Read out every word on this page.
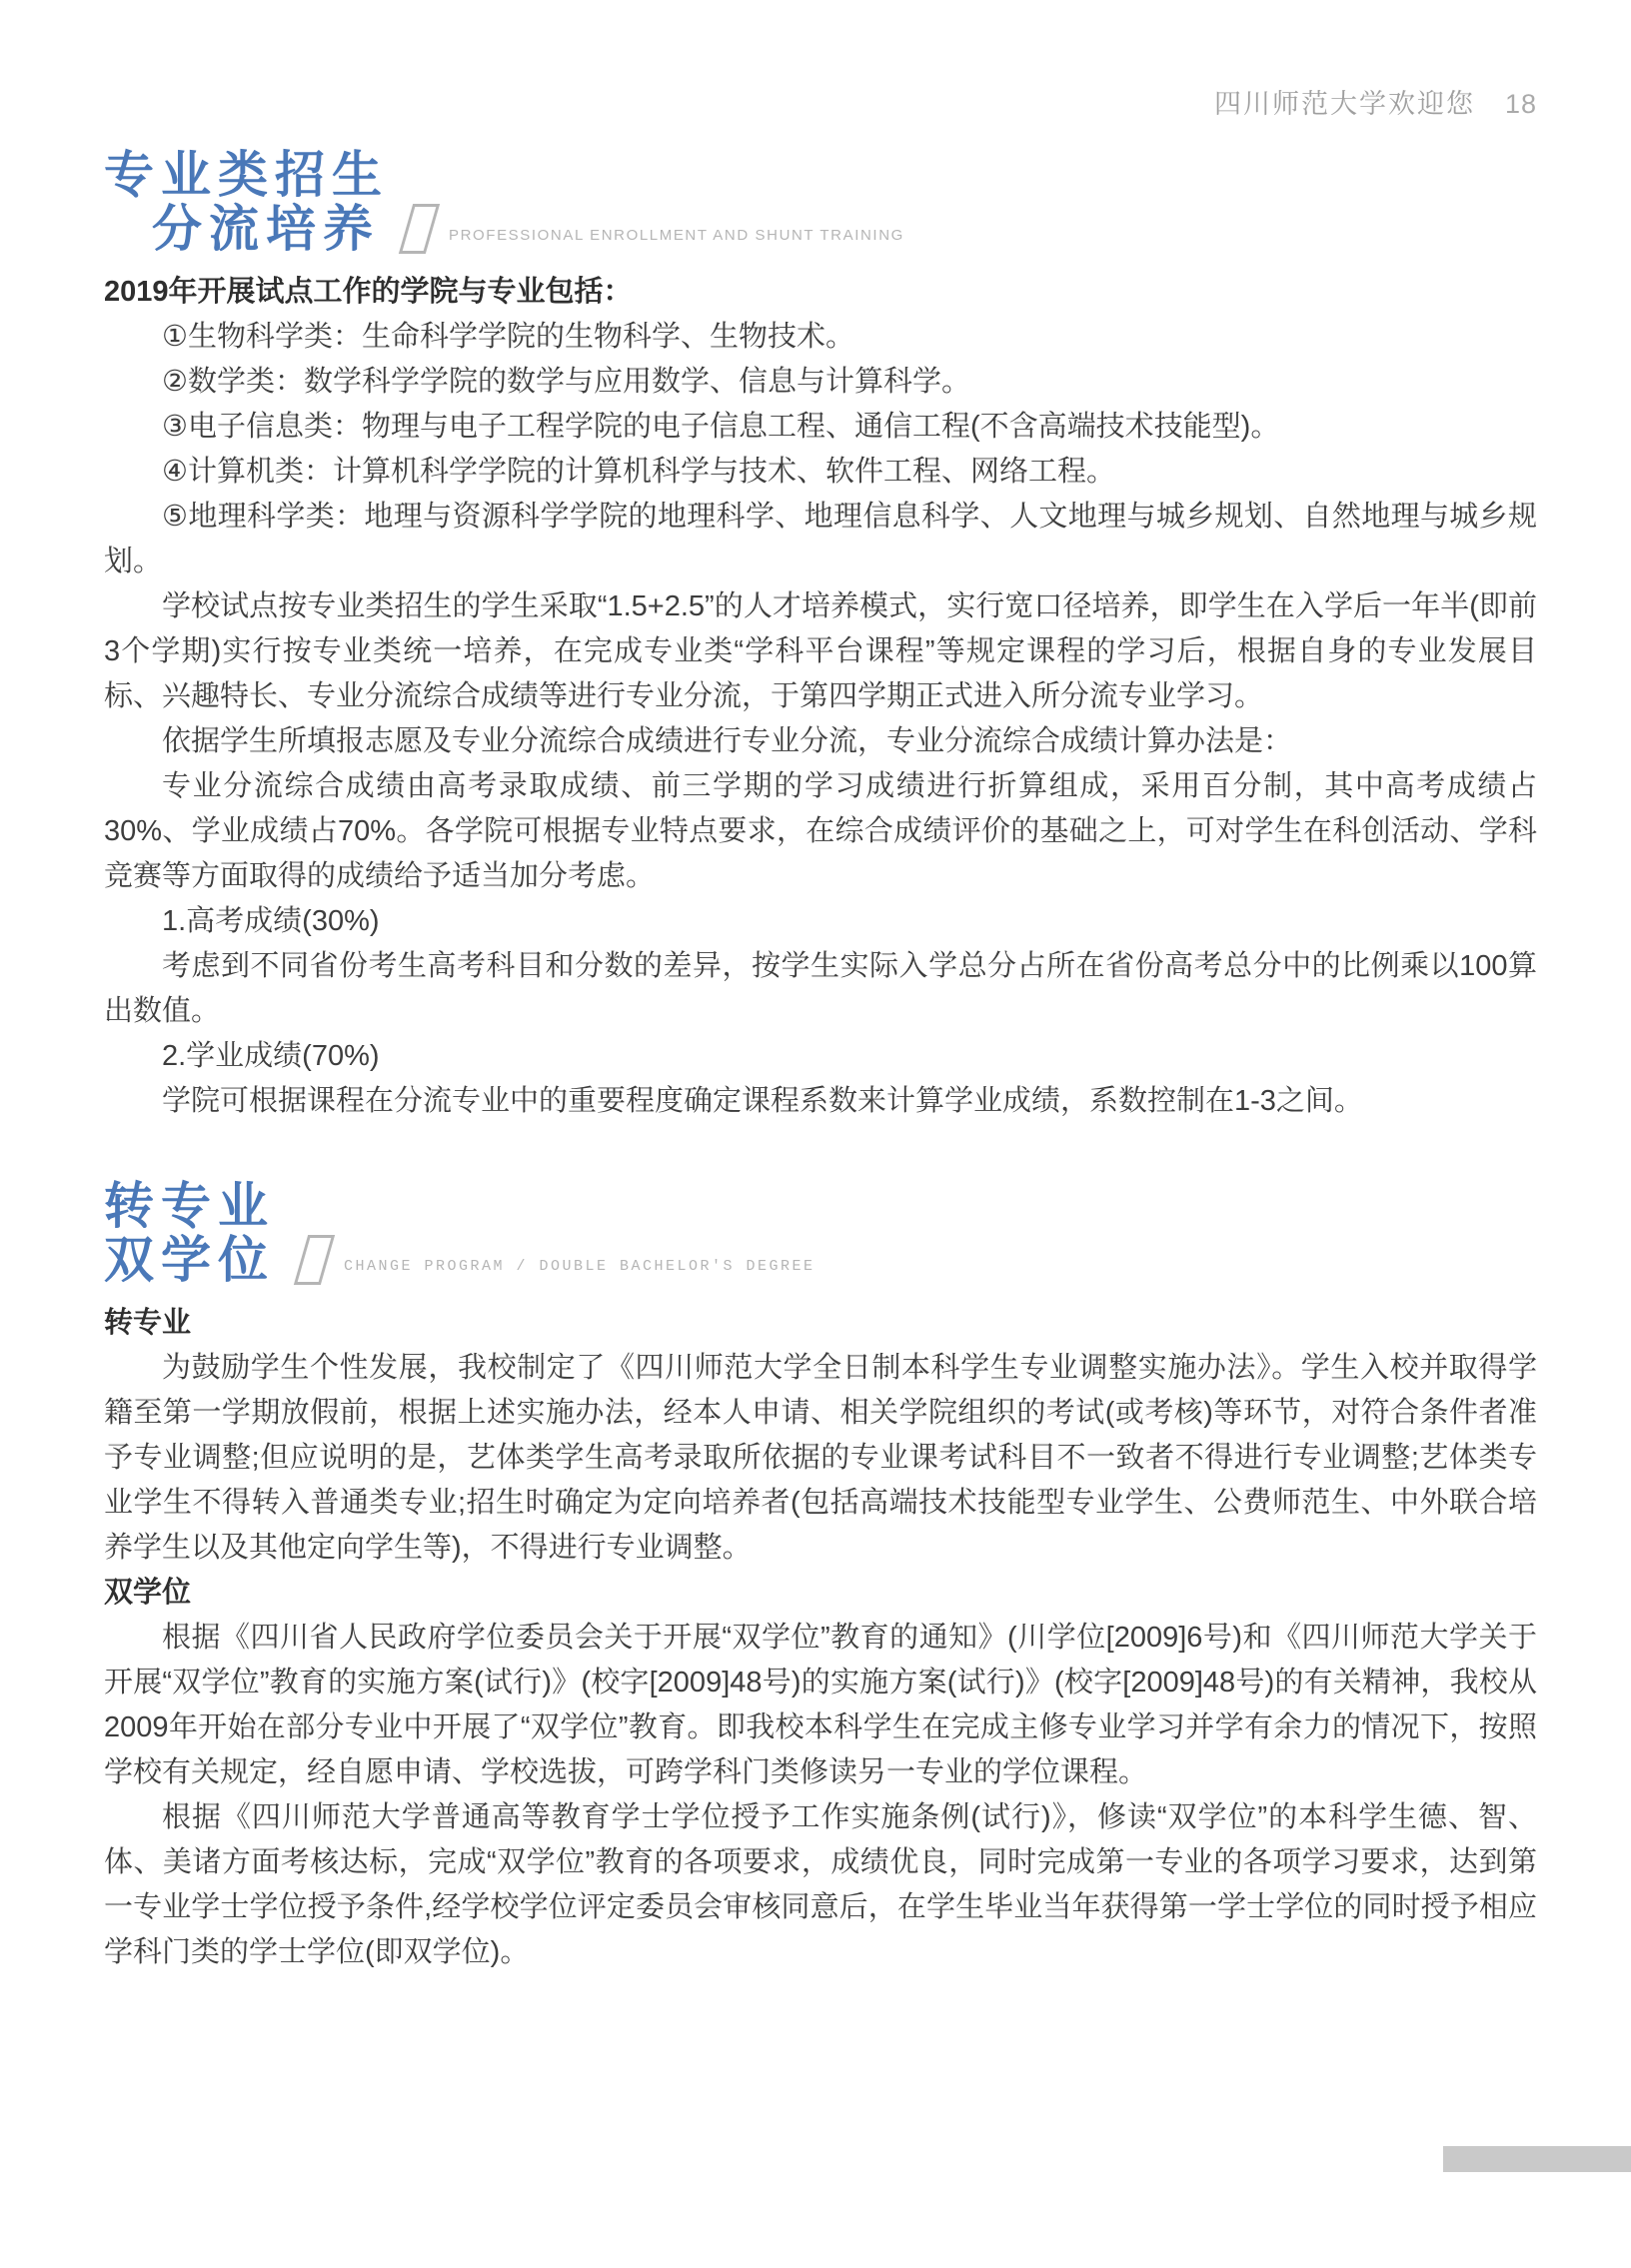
四川师范大学欢迎您 18
专业类招生
分流培养	PROFESSIONAL ENROLLMENT AND SHUNT TRAINING

2019年开展试点工作的学院与专业包括：

①生物科学类：生命科学学院的生物科学、生物技术。

②数学类：数学科学学院的数学与应用数学、信息与计算科学。

③电子信息类：物理与电子工程学院的电子信息工程、通信工程(不含高端技术技能型)。

④计算机类：计算机科学学院的计算机科学与技术、软件工程、网络工程。

⑤地理科学类：地理与资源科学学院的地理科学、地理信息科学、人文地理与城乡规划、自然地理与城乡规划。

学校试点按专业类招生的学生采取“1.5+2.5”的人才培养模式，实行宽口径培养，即学生在入学后一年半(即前3个学期)实行按专业类统一培养，在完成专业类“学科平台课程”等规定课程的学习后，根据自身的专业发展目标、兴趣特长、专业分流综合成绩等进行专业分流，于第四学期正式进入所分流专业学习。

依据学生所填报志愿及专业分流综合成绩进行专业分流，专业分流综合成绩计算办法是：

专业分流综合成绩由高考录取成绩、前三学期的学习成绩进行折算组成，采用百分制，其中高考成绩占30%、学业成绩占70%。各学院可根据专业特点要求，在综合成绩评价的基础之上，可对学生在科创活动、学科竞赛等方面取得的成绩给予适当加分考虑。

1.高考成绩(30%)

考虑到不同省份考生高考科目和分数的差异，按学生实际入学总分占所在省份高考总分中的比例乘以100算出数值。

2.学业成绩(70%)

学院可根据课程在分流专业中的重要程度确定课程系数来计算学业成绩，系数控制在1-3之间。

转专业
双学位	CHANGE PROGRAM / DOUBLE BACHELOR'S DEGREE

转专业

为鼓励学生个性发展，我校制定了《四川师范大学全日制本科学生专业调整实施办法》。学生入校并取得学籍至第一学期放假前，根据上述实施办法，经本人申请、相关学院组织的考试(或考核)等环节，对符合条件者准予专业调整;但应说明的是，艺体类学生高考录取所依据的专业课考试科目不一致者不得进行专业调整;艺体类专业学生不得转入普通类专业;招生时确定为定向培养者(包括高端技术技能型专业学生、公费师范生、中外联合培养学生以及其他定向学生等)，不得进行专业调整。

双学位

根据《四川省人民政府学位委员会关于开展“双学位”教育的通知》(川学位[2009]6号)和《四川师范大学关于开展“双学位”教育的实施方案(试行)》(校字[2009]48号)的实施方案(试行)》(校字[2009]48号)的有关精神，我校从2009年开始在部分专业中开展了“双学位”教育。即我校本科学生在完成主修专业学习并学有余力的情况下，按照学校有关规定，经自愿申请、学校选拔，可跨学科门类修读另一专业的学位课程。

根据《四川师范大学普通高等教育学士学位授予工作实施条例(试行)》，修读“双学位”的本科学生德、智、体、美诸方面考核达标，完成“双学位”教育的各项要求，成绩优良，同时完成第一专业的各项学习要求，达到第一专业学士学位授予条件,经学校学位评定委员会审核同意后，在学生毕业当年获得第一学士学位的同时授予相应学科门类的学士学位(即双学位)。
